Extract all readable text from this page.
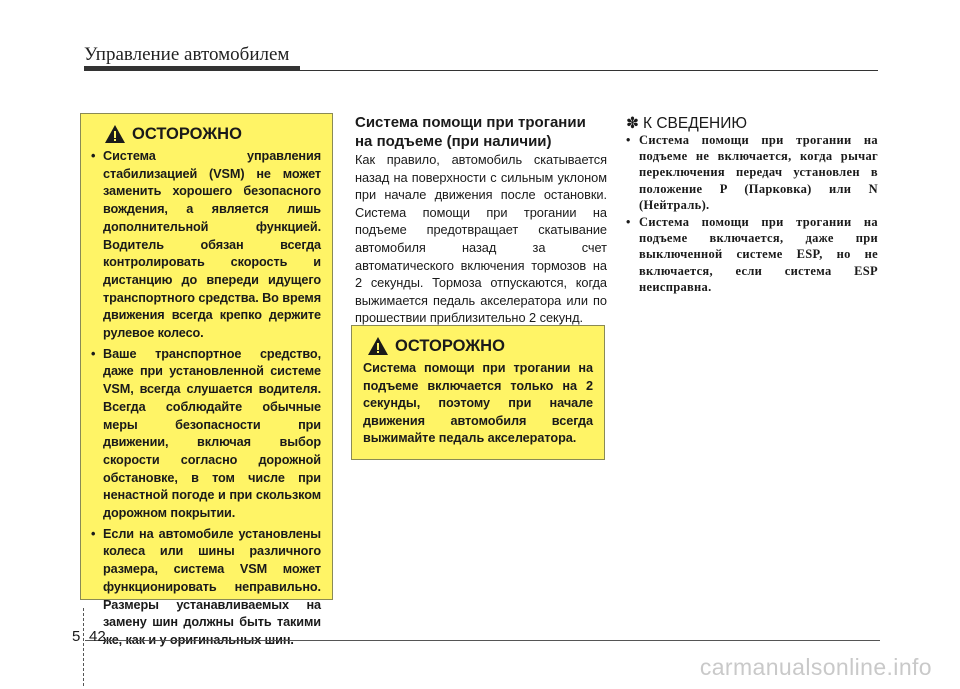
Управление автомобилем
ОСТОРОЖНО
• Система управления стабилизацией (VSM) не может заменить хорошего безопасного вождения, а является лишь дополнительной функцией. Водитель обязан всегда контролировать скорость и дистанцию до впереди идущего транспортного средства. Во время движения всегда крепко держите рулевое колесо.
• Ваше транспортное средство, даже при установленной системе VSM, всегда слушается водителя. Всегда соблюдайте обычные меры безопасности при движении, включая выбор скорости согласно дорожной обстановке, в том числе при ненастной погоде и при скользком дорожном покрытии.
• Если на автомобиле установлены колеса или шины различного размера, система VSM может функционировать неправильно. Размеры устанавливаемых на замену шин должны быть такими же, как и у оригинальных шин.
Система помощи при трогании на подъеме (при наличии)
Как правило, автомобиль скатывается назад на поверхности с сильным уклоном при начале движения после остановки. Система помощи при трогании на подъеме предотвращает скатывание автомобиля назад за счет автоматического включения тормозов на 2 секунды. Тормоза отпускаются, когда выжимается педаль акселератора или по прошествии приблизительно 2 секунд.
ОСТОРОЖНО
Система помощи при трогании на подъеме включается только на 2 секунды, поэтому при начале движения автомобиля всегда выжимайте педаль акселератора.
✽ К СВЕДЕНИЮ
• Система помощи при трогании на подъеме не включается, когда рычаг переключения передач установлен в положение P (Парковка) или N (Нейтраль).
• Система помощи при трогании на подъеме включается, даже при выключенной системе ESP, но не включается, если система ESP неисправна.
5 42
carmanualsonline.info
